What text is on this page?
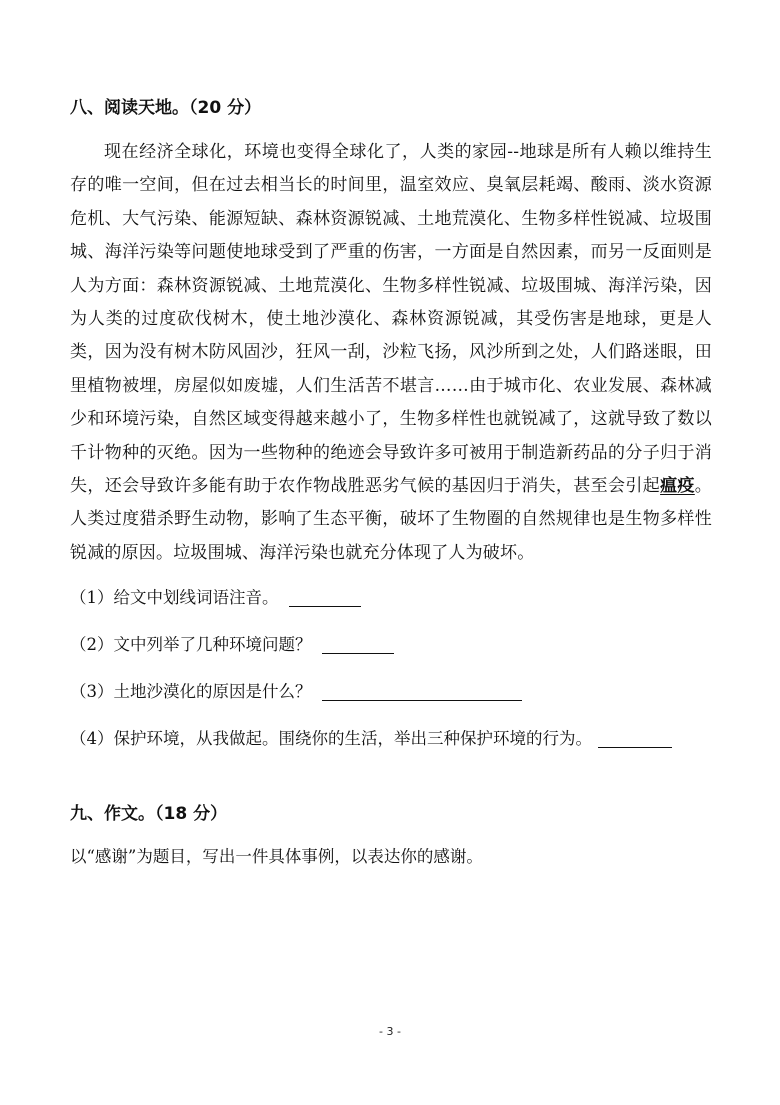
八、阅读天地。（20 分）

现在经济全球化，环境也变得全球化了，人类的家园--地球是所有人赖以维持生存的唯一空间，但在过去相当长的时间里，温室效应、臭氧层耗竭、酸雨、淡水资源危机、大气污染、能源短缺、森林资源锐减、土地荒漠化、生物多样性锐减、垃圾围城、海洋污染等问题使地球受到了严重的伤害，一方面是自然因素，而另一反面则是人为方面：森林资源锐减、土地荒漠化、生物多样性锐减、垃圾围城、海洋污染，因为人类的过度砍伐树木，使土地沙漠化、森林资源锐减，其受伤害是地球，更是人类，因为没有树木防风固沙，狂风一刮，沙粒飞扬，风沙所到之处，人们路迷眼，田里植物被埋，房屋似如废墟，人们生活苦不堪言……由于城市化、农业发展、森林减少和环境污染，自然区域变得越来越小了，生物多样性也就锐减了，这就导致了数以千计物种的灭绝。因为一些物种的绝迹会导致许多可被用于制造新药品的分子归于消失，还会导致许多能有助于农作物战胜恶劣气候的基因归于消失，甚至会引起瘟疫。人类过度猎杀野生动物，影响了生态平衡，破坏了生物圈的自然规律也是生物多样性锐减的原因。垃圾围城、海洋污染也就充分体现了人为破坏。

（1）给文中划线词语注音。

（2）文中列举了几种环境问题？

（3）土地沙漠化的原因是什么？

（4）保护环境，从我做起。围绕你的生活，举出三种保护环境的行为。

九、作文。（18 分）

以“感谢”为题目，写出一件具体事例，以表达你的感谢。

- 3 -
